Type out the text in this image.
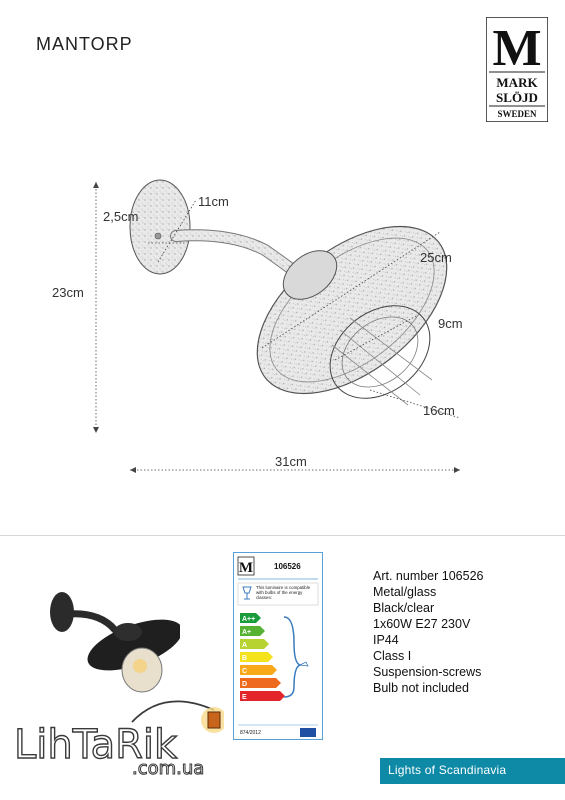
MANTORP	M
MARK
SLÖJD
SWEDEN
2,5cm
11cm
23cm
25cm
9cm
16cm
31cm
M	106526
This luminaire is compatible with bulbs of the energy classes:
A++
A+
A
B
C
D
E
874/2012
Art. number 106526
Metal/glass
Black/clear
1x60W E27 230V
IP44
Class I
Suspension-screws
Bulb not included
LihTaRik
.com.ua	Lights of Scandinavia
